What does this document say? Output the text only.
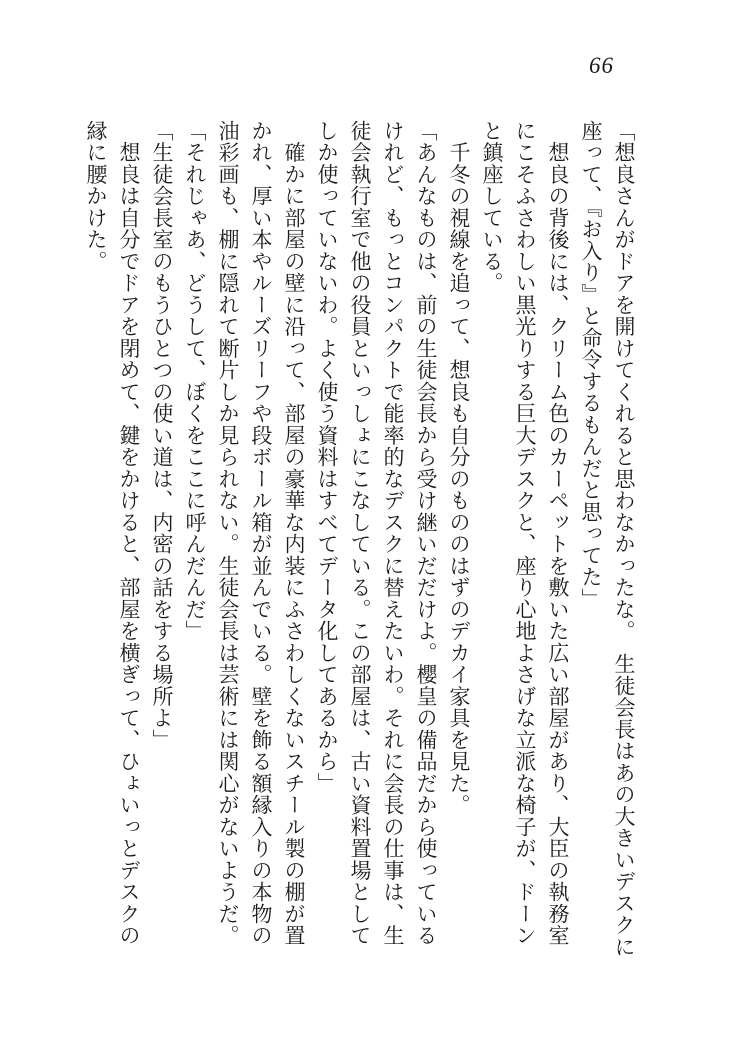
66

「想良さんがドアを開けてくれると思わなかったな。 生徒会長はあの大きいデスクに座って、『お入り』と命令するもんだと思ってた」

　想良の背後には、クリーム色のカーペットを敷いた広い部屋があり、大臣の執務室にこそふさわしい黒光りする巨大デスクと、座り心地よさげな立派な椅子が、ドーンと鎮座している。

　千冬の視線を追って、想良も自分のもののはずのデカイ家具を見た。

「あんなものは、前の生徒会長から受け継いだだけよ。櫻皇の備品だから使っているけれど、もっとコンパクトで能率的なデスクに替えたいわ。それに会長の仕事は、生徒会執行室で他の役員といっしょにこなしている。この部屋は、古い資料置場としてしか使っていないわ。よく使う資料はすべてデータ化してあるから」

　確かに部屋の壁に沿って、部屋の豪華な内装にふさわしくないスチール製の棚が置かれ、厚い本やルーズリーフや段ボール箱が並んでいる。壁を飾る額縁入りの本物の油彩画も、棚に隠れて断片しか見られない。生徒会長は芸術には関心がないようだ。

「それじゃあ、どうして、ぼくをここに呼んだんだ」

「生徒会長室のもうひとつの使い道は、内密の話をする場所よ」

　想良は自分でドアを閉めて、鍵をかけると、部屋を横ぎって、ひょいっとデスクの縁に腰かけた。
